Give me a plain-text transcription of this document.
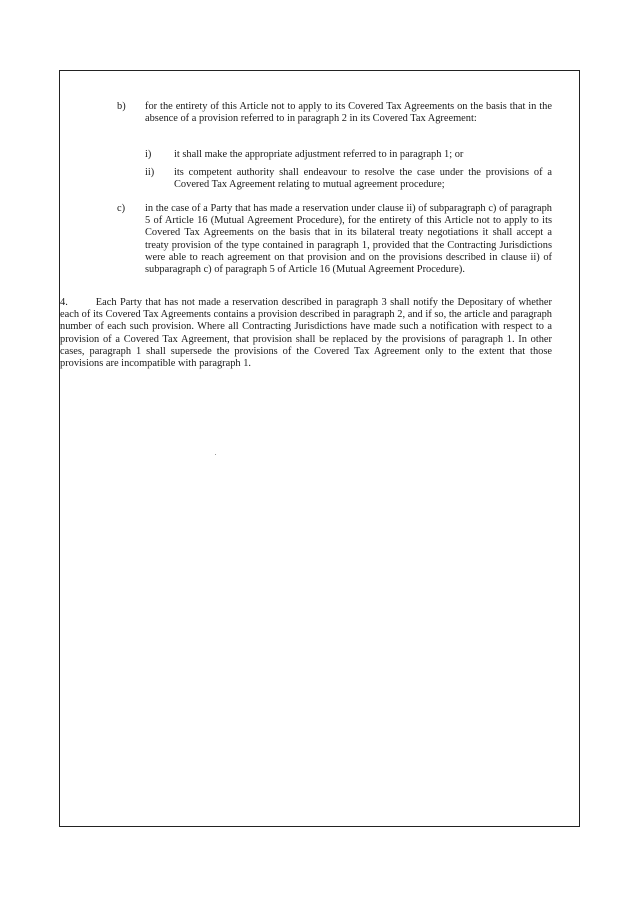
b) for the entirety of this Article not to apply to its Covered Tax Agreements on the basis that in the absence of a provision referred to in paragraph 2 in its Covered Tax Agreement:
i) it shall make the appropriate adjustment referred to in paragraph 1; or
ii) its competent authority shall endeavour to resolve the case under the provisions of a Covered Tax Agreement relating to mutual agreement procedure;
c) in the case of a Party that has made a reservation under clause ii) of subparagraph c) of paragraph 5 of Article 16 (Mutual Agreement Procedure), for the entirety of this Article not to apply to its Covered Tax Agreements on the basis that in its bilateral treaty negotiations it shall accept a treaty provision of the type contained in paragraph 1, provided that the Contracting Jurisdictions were able to reach agreement on that provision and on the provisions described in clause ii) of subparagraph c) of paragraph 5 of Article 16 (Mutual Agreement Procedure).
4.	Each Party that has not made a reservation described in paragraph 3 shall notify the Depositary of whether each of its Covered Tax Agreements contains a provision described in paragraph 2, and if so, the article and paragraph number of each such provision. Where all Contracting Jurisdictions have made such a notification with respect to a provision of a Covered Tax Agreement, that provision shall be replaced by the provisions of paragraph 1. In other cases, paragraph 1 shall supersede the provisions of the Covered Tax Agreement only to the extent that those provisions are incompatible with paragraph 1.
